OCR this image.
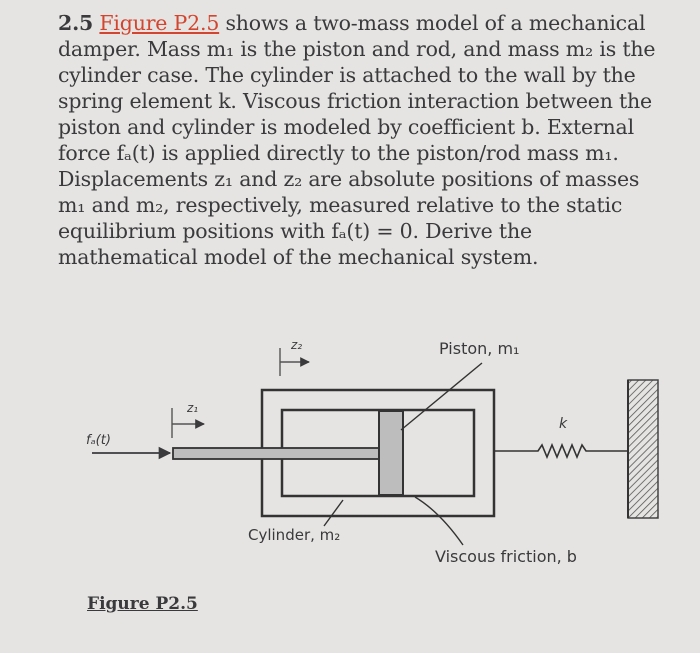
2.5 Figure P2.5 shows a two-mass model of a mechanical
damper. Mass m₁ is the piston and rod, and mass m₂ is the
cylinder case. The cylinder is attached to the wall by the
spring element k. Viscous friction interaction between the
piston and cylinder is modeled by coefficient b. External
force fₐ(t) is applied directly to the piston/rod mass m₁.
Displacements z₁ and z₂ are absolute positions of masses
m₁ and m₂, respectively, measured relative to the static
equilibrium positions with fₐ(t) = 0. Derive the
mathematical model of the mechanical system.
k
fₐ(t)
z₁
z₂	Piston, m₁
Cylinder, m₂
Viscous friction, b
Figure P2.5
